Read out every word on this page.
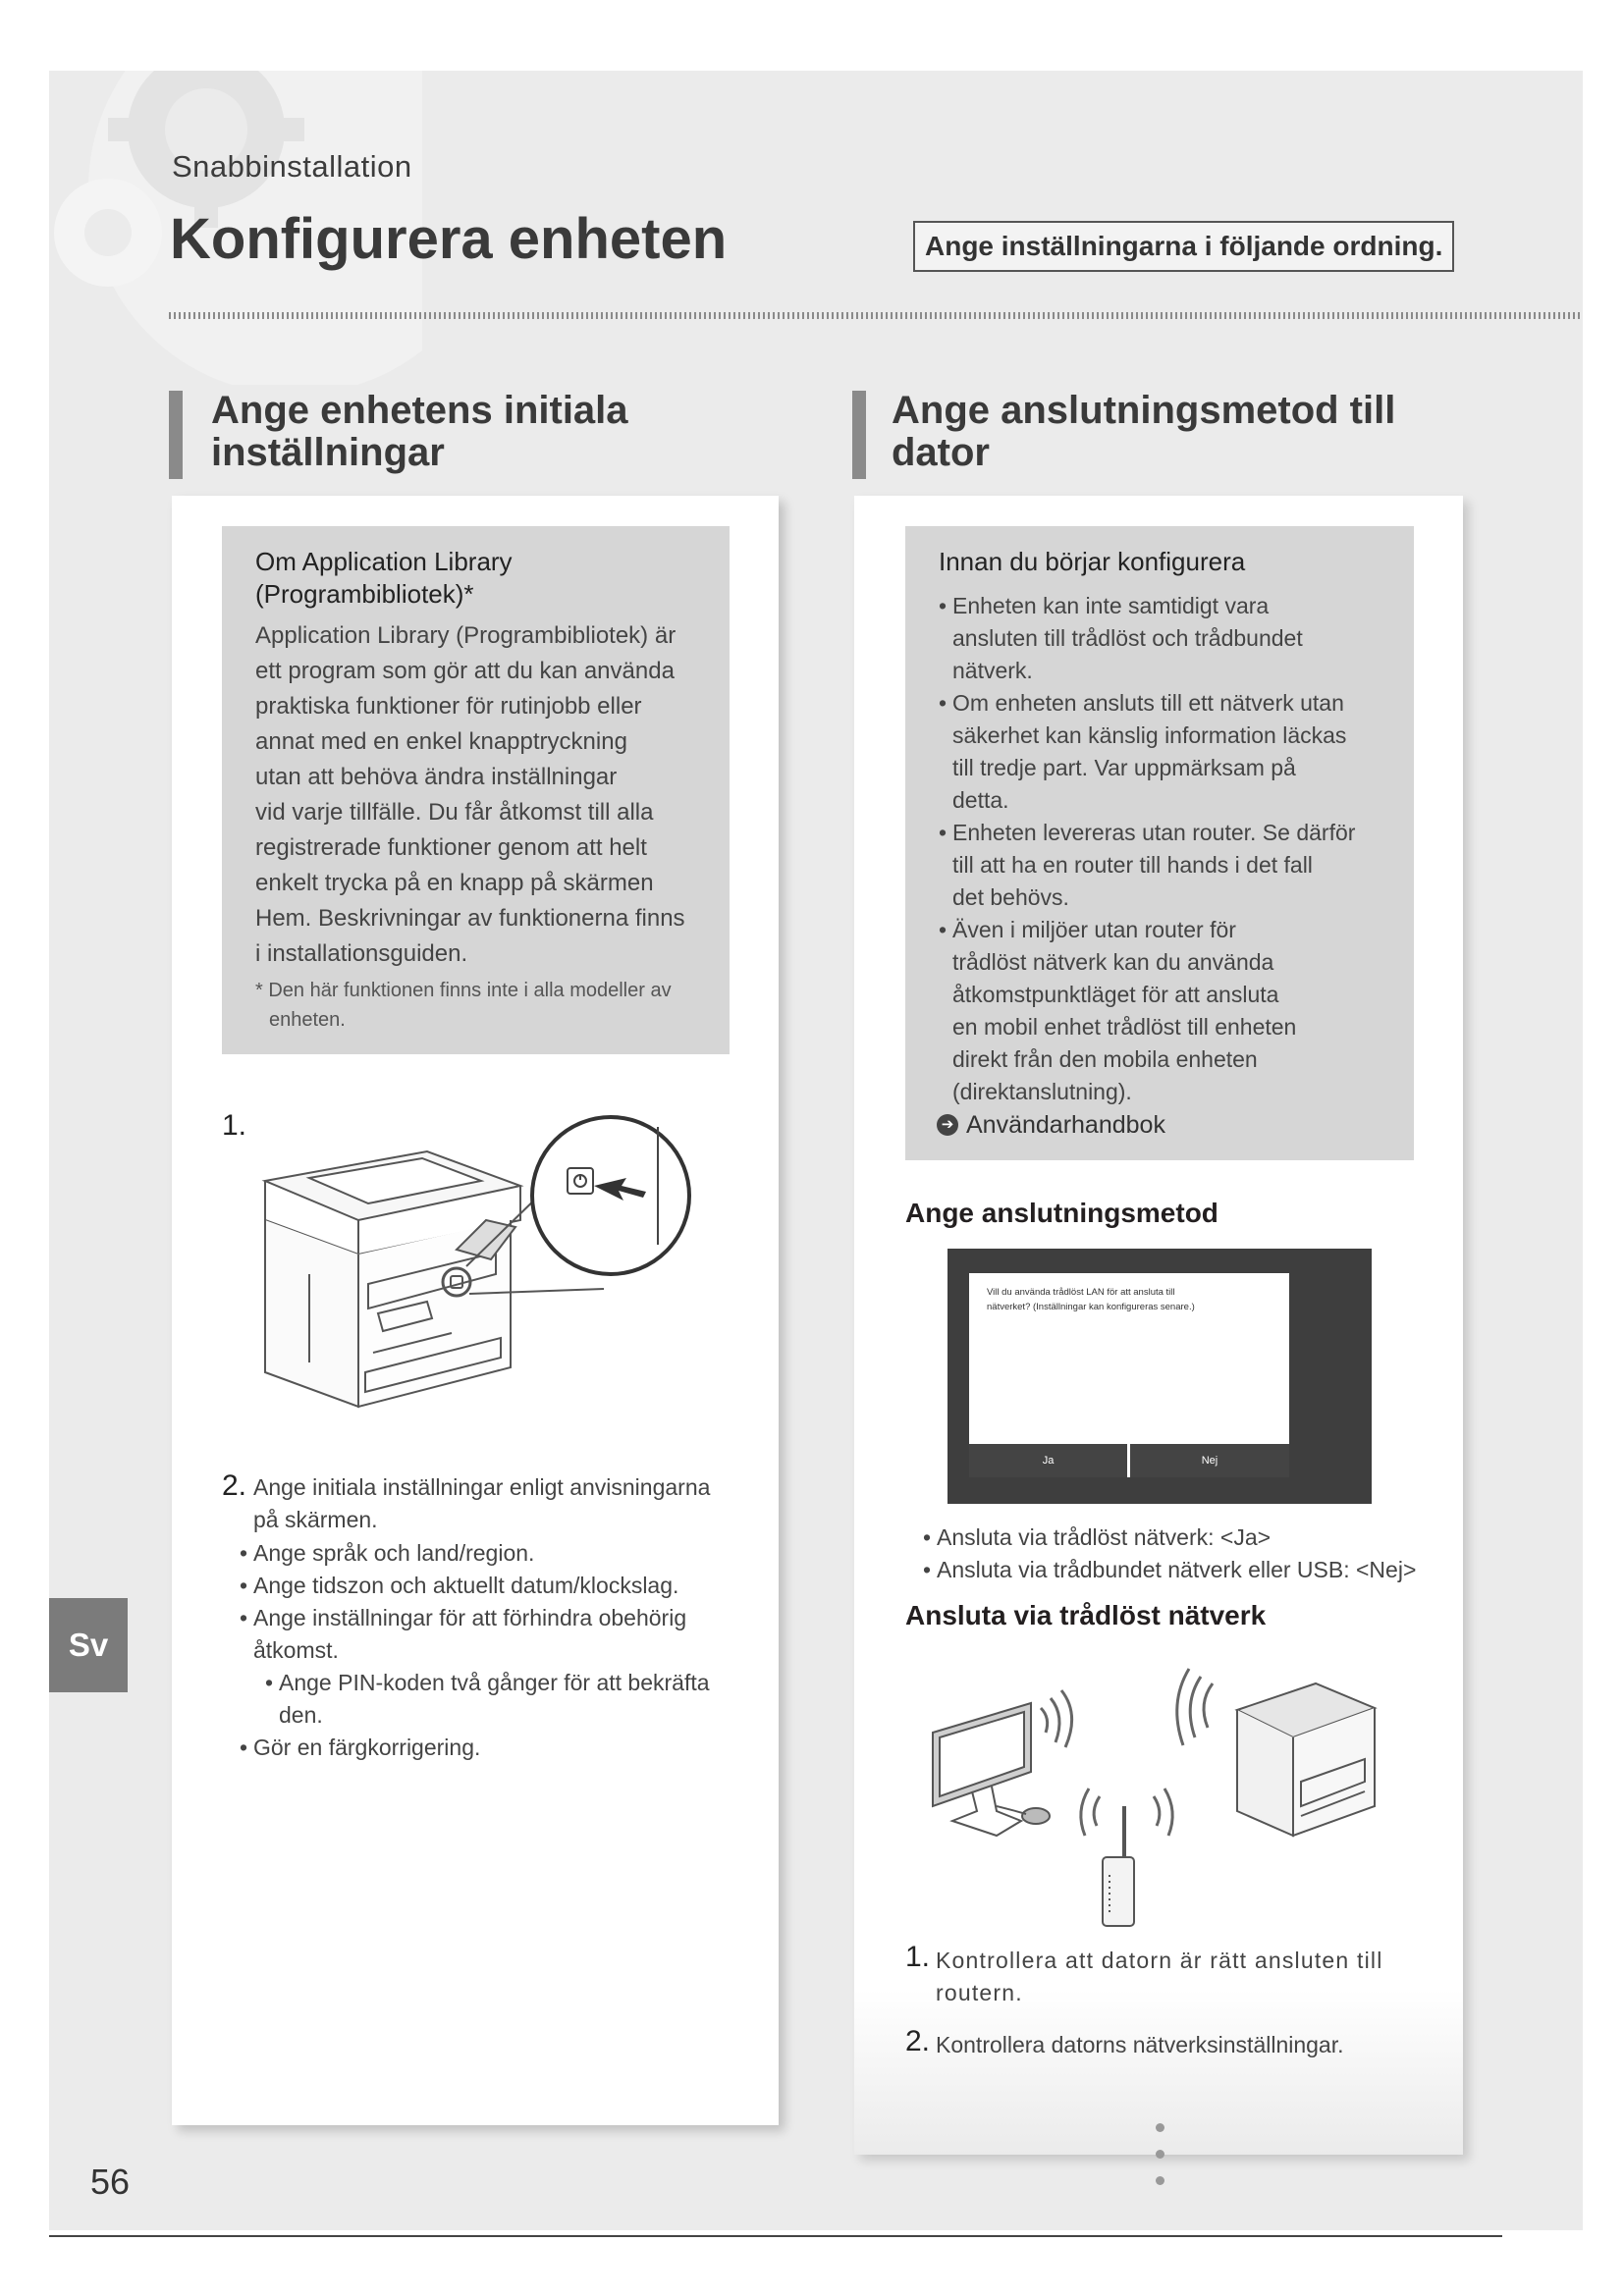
Snabbinstallation
Konfigurera enheten	Ange inställningarna i följande ordning.
Ange enhetens initiala
inställningar
Om Application Library
(Programbibliotek)*
Application Library (Programbibliotek) är
ett program som gör att du kan använda
praktiska funktioner för rutinjobb eller
annat med en enkel knapptryckning
utan att behöva ändra inställningar
vid varje tillfälle. Du får åtkomst till alla
registrerade funktioner genom att helt
enkelt trycka på en knapp på skärmen
Hem. Beskrivningar av funktionerna finns
i installationsguiden.
* Den här funktionen finns inte i alla modeller av
enheten.
1.
2. Ange initiala inställningar enligt anvisningarna
på skärmen.
• Ange språk och land/region.
• Ange tidszon och aktuellt datum/klockslag.
• Ange inställningar för att förhindra obehörig
åtkomst.
• Ange PIN-koden två gånger för att bekräfta
den.
• Gör en färgkorrigering.
Ange anslutningsmetod till
dator
Innan du börjar konfigurera
• Enheten kan inte samtidigt vara
ansluten till trådlöst och trådbundet
nätverk.
• Om enheten ansluts till ett nätverk utan
säkerhet kan känslig information läckas
till tredje part. Var uppmärksam på
detta.
• Enheten levereras utan router. Se därför
till att ha en router till hands i det fall
det behövs.
• Även i miljöer utan router för
trådlöst nätverk kan du använda
åtkomstpunktläget för att ansluta
en mobil enhet trådlöst till enheten
direkt från den mobila enheten
(direktanslutning).
➔ Användarhandbok
Ange anslutningsmetod
Vill du använda trådlöst LAN för att ansluta till
nätverket? (Inställningar kan konfigureras senare.)
Ja	Nej
• Ansluta via trådlöst nätverk: <Ja>
• Ansluta via trådbundet nätverk eller USB: <Nej>
Ansluta via trådlöst nätverk
1. Kontrollera att datorn är rätt ansluten till
routern.
2. Kontrollera datorns nätverksinställningar.
Sv
56
